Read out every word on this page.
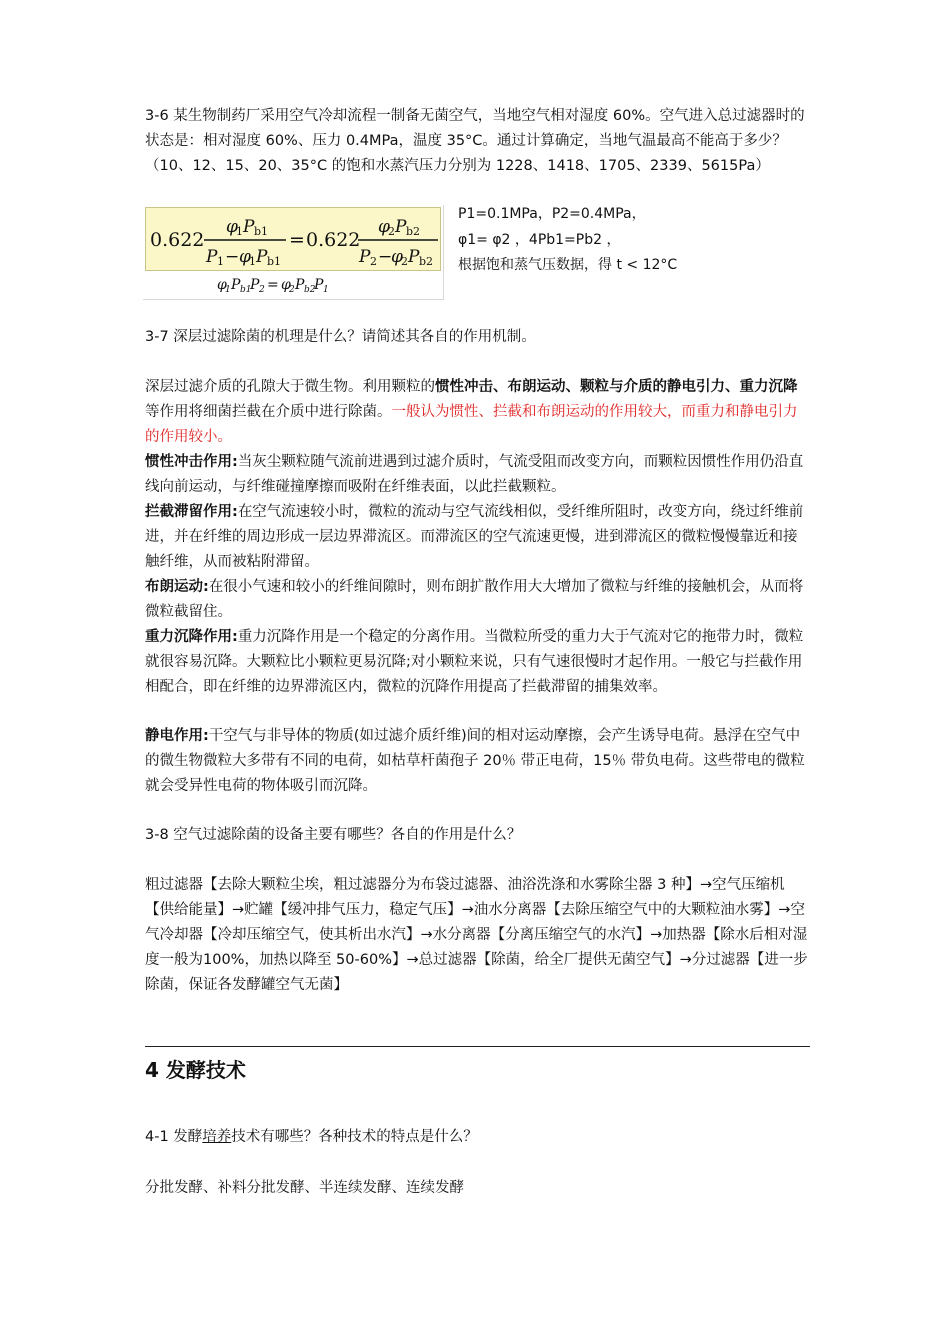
3-6 某生物制药厂采用空气冷却流程一制备无菌空气，当地空气相对湿度 60%。空气进入总过滤器时的状态是：相对湿度 60%、压力 0.4MPa，温度 35°C。通过计算确定，当地气温最高不能高于多少？（10、12、15、20、35°C 的饱和水蒸汽压力分别为 1228、1418、1705、2339、5615Pa）

0.622
φ
1 P b1
P 1 − φ
1 P b1
= 0.622
φ
2 P b2
P 2 −
φ
2 P b2
φ
1 P b1
P 2 = φ
2 P b2
P 1

P1=0.1MPa，P2=0.4MPa，

φ1= φ2 ，4Pb1=Pb2 ，

根据饱和蒸气压数据，得 t < 12°C

3-7 深层过滤除菌的机理是什么？请简述其各自的作用机制。

深层过滤介质的孔隙大于微生物。利用颗粒的惯性冲击、布朗运动、颗粒与介质的静电引力、重力沉降等作用将细菌拦截在介质中进行除菌。一般认为惯性、拦截和布朗运动的作用较大，而重力和静电引力的作用较小。

惯性冲击作用:当灰尘颗粒随气流前进遇到过滤介质时，气流受阻而改变方向，而颗粒因惯性作用仍沿直线向前运动，与纤维碰撞摩擦而吸附在纤维表面，以此拦截颗粒。

拦截滞留作用:在空气流速较小时，微粒的流动与空气流线相似，受纤维所阻时，改变方向，绕过纤维前进，并在纤维的周边形成一层边界滞流区。而滞流区的空气流速更慢，进到滞流区的微粒慢慢靠近和接触纤维，从而被粘附滞留。

布朗运动:在很小气速和较小的纤维间隙时，则布朗扩散作用大大增加了微粒与纤维的接触机会，从而将微粒截留住。

重力沉降作用:重力沉降作用是一个稳定的分离作用。当微粒所受的重力大于气流对它的拖带力时，微粒就很容易沉降。大颗粒比小颗粒更易沉降;对小颗粒来说，只有气速很慢时才起作用。一般它与拦截作用相配合，即在纤维的边界滞流区内，微粒的沉降作用提高了拦截滞留的捕集效率。

静电作用:干空气与非导体的物质(如过滤介质纤维)间的相对运动摩擦，会产生诱导电荷。悬浮在空气中的微生物微粒大多带有不同的电荷，如枯草杆菌孢子 20％ 带正电荷，15％ 带负电荷。这些带电的微粒就会受异性电荷的物体吸引而沉降。

3-8 空气过滤除菌的设备主要有哪些？各自的作用是什么？

粗过滤器【去除大颗粒尘埃，粗过滤器分为布袋过滤器、油浴洗涤和水雾除尘器 3 种】→空气压缩机【供给能量】→贮罐【缓冲排气压力，稳定气压】→油水分离器【去除压缩空气中的大颗粒油水雾】→空气冷却器【冷却压缩空气，使其析出水汽】→水分离器【分离压缩空气的水汽】→加热器【除水后相对湿度一般为100%，加热以降至 50-60%】→总过滤器【除菌，给全厂提供无菌空气】→分过滤器【进一步除菌，保证各发酵罐空气无菌】

4 发酵技术

4-1 发酵培养技术有哪些？各种技术的特点是什么？

分批发酵、补料分批发酵、半连续发酵、连续发酵
